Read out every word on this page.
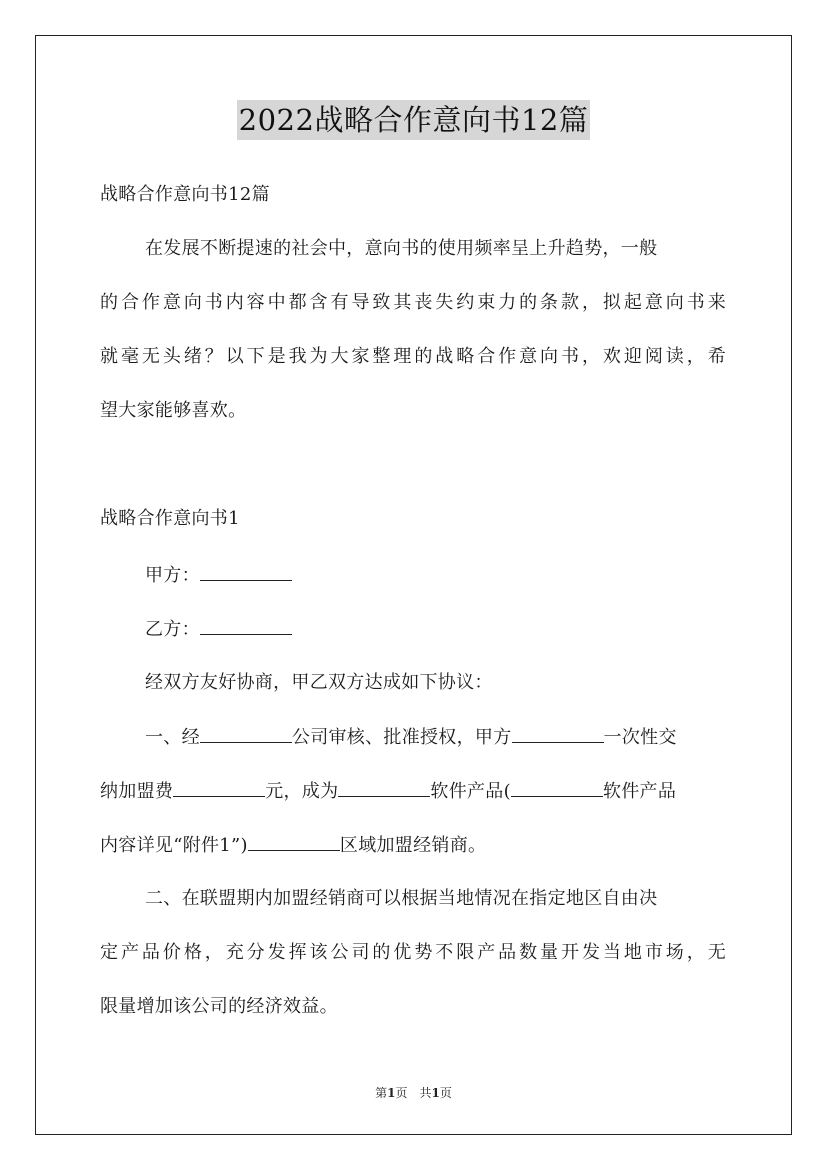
2022战略合作意向书12篇
战略合作意向书12篇
在发展不断提速的社会中，意向书的使用频率呈上升趋势，一般
的合作意向书内容中都含有导致其丧失约束力的条款，拟起意向书来
就毫无头绪？以下是我为大家整理的战略合作意向书，欢迎阅读，希
望大家能够喜欢。
战略合作意向书1
甲方：
乙方：
经双方友好协商，甲乙双方达成如下协议：
一、经	公司审核、批准授权，甲方	一次性交
纳加盟费	元，成为	软件产品(	软件产品
内容详见“附件1”)	区域加盟经销商。
二、在联盟期内加盟经销商可以根据当地情况在指定地区自由决
定产品价格，充分发挥该公司的优势不限产品数量开发当地市场，无
限量增加该公司的经济效益。
第1页　共1页
